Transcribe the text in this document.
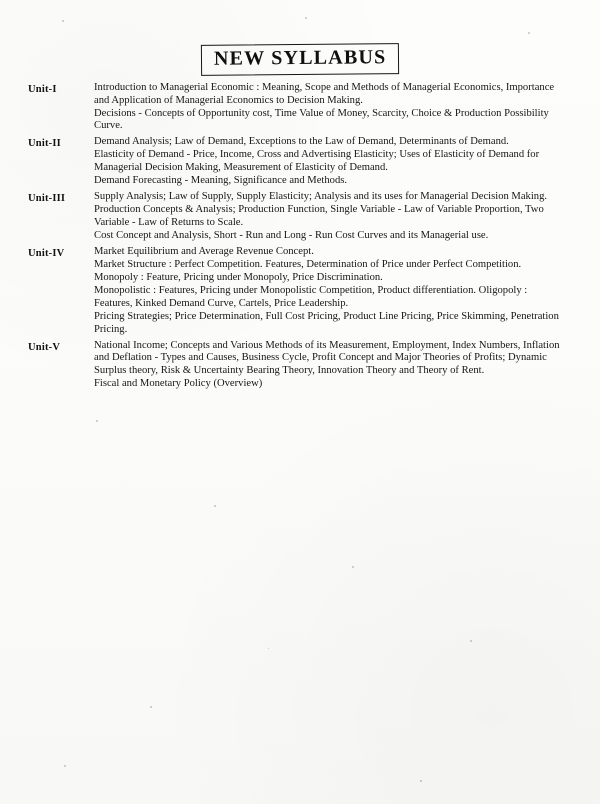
NEW SYLLABUS
Unit-I	Introduction to Managerial Economic : Meaning, Scope and Methods of Managerial Economics, Importance and Application of Managerial Economics to Decision Making.

Decisions - Concepts of Opportunity cost, Time Value of Money, Scarcity, Choice & Production Possibility Curve.

Unit-II	Demand Analysis; Law of Demand, Exceptions to the Law of Demand, Determinants of Demand.

Elasticity of Demand - Price, Income, Cross and Advertising Elasticity; Uses of Elasticity of Demand for Managerial Decision Making, Measurement of Elasticity of Demand.

Demand Forecasting - Meaning, Significance and Methods.

Unit-III	Supply Analysis; Law of Supply, Supply Elasticity; Analysis and its uses for Managerial Decision Making.

Production Concepts & Analysis; Production Function, Single Variable - Law of Variable Proportion, Two Variable - Law of Returns to Scale.

Cost Concept and Analysis, Short - Run and Long - Run Cost Curves and its Managerial use.

Unit-IV	Market Equilibrium and Average Revenue Concept.

Market Structure : Perfect Competition. Features, Determination of Price under Perfect Competition.

Monopoly : Feature, Pricing under Monopoly, Price Discrimination.

Monopolistic : Features, Pricing under Monopolistic Competition, Product differentiation. Oligopoly : Features, Kinked Demand Curve, Cartels, Price Leadership.

Pricing Strategies; Price Determination, Full Cost Pricing, Product Line Pricing, Price Skimming, Penetration Pricing.

Unit-V	National Income; Concepts and Various Methods of its Measurement, Employment, Index Numbers, Inflation and Deflation - Types and Causes, Business Cycle, Profit Concept and Major Theories of Profits; Dynamic Surplus theory, Risk & Uncertainty Bearing Theory, Innovation Theory and Theory of Rent.

Fiscal and Monetary Policy (Overview)
